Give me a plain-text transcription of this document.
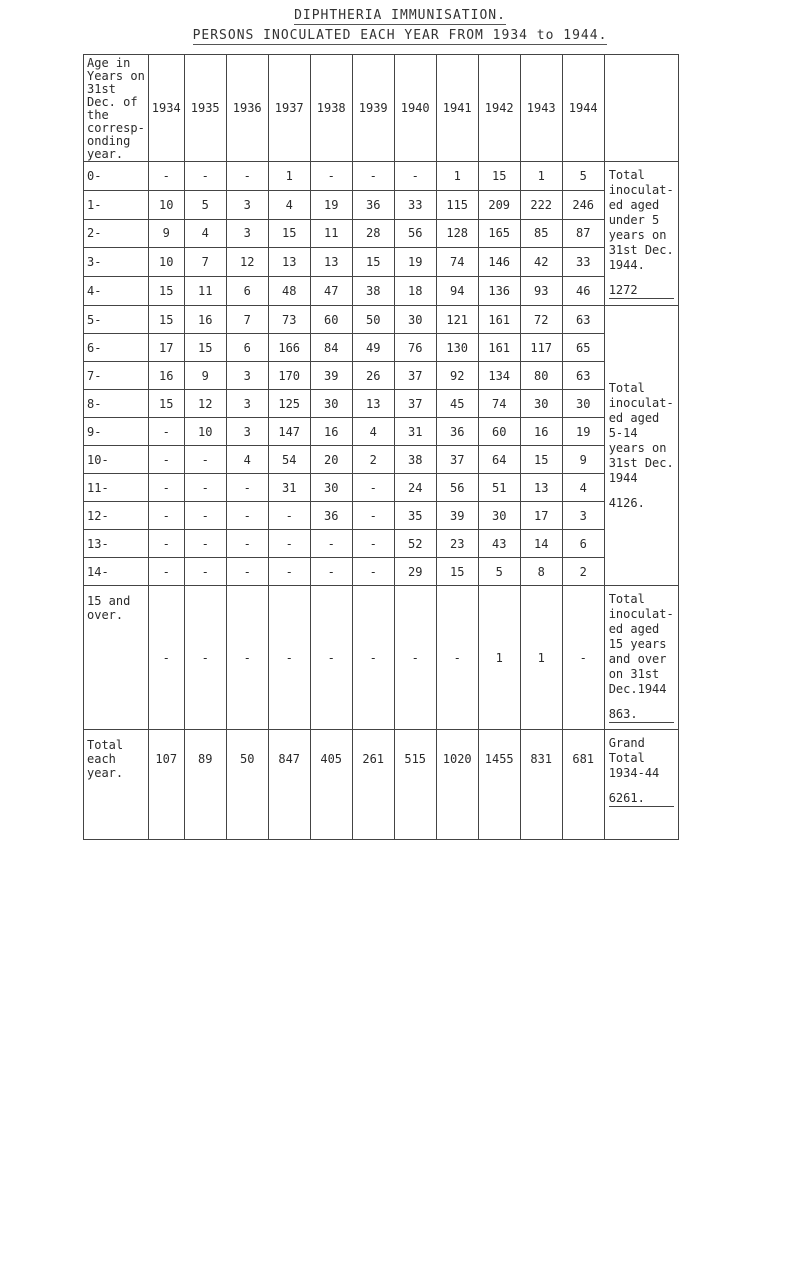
DIPHTHERIA IMMUNISATION.
PERSONS INOCULATED EACH YEAR FROM 1934 to 1944.
Age in Years on 31st Dec. of the corresp- onding year.	1934	1935	1936	1937	1938	1939	1940	1941	1942	1943	1944	
0-	-	-	-	1	-	-	-	1	15	1	5	Total inoculat- ed aged under 5 years on 31st Dec. 1944.
1272

1-	10	5	3	4	19	36	33	115	209	222	246	
2-	9	4	3	15	11	28	56	128	165	85	87	
3-	10	7	12	13	13	15	19	74	146	42	33	
4-	15	11	6	48	47	38	18	94	136	93	46	
5-	15	16	7	73	60	50	30	121	161	72	63	Total inoculat- ed aged 5-14 years on 31st Dec. 1944
4126.

6-	17	15	6	166	84	49	76	130	161	117	65	
7-	16	9	3	170	39	26	37	92	134	80	63	
8-	15	12	3	125	30	13	37	45	74	30	30	
9-	-	10	3	147	16	4	31	36	60	16	19	
10-	-	-	4	54	20	2	38	37	64	15	9	
11-	-	-	-	31	30	-	24	56	51	13	4	
12-	-	-	-	-	36	-	35	39	30	17	3	
13-	-	-	-	-	-	-	52	23	43	14	6	
14-	-	-	-	-	-	-	29	15	5	8	2	
15 and over.	-	-	-	-	-	-	-	-	1	1	-	Total inoculat- ed aged 15 years and over on 31st Dec.1944
863.

Total each year.	107	89	50	847	405	261	515	1020	1455	831	681	Grand Total 1934-44
6261.
